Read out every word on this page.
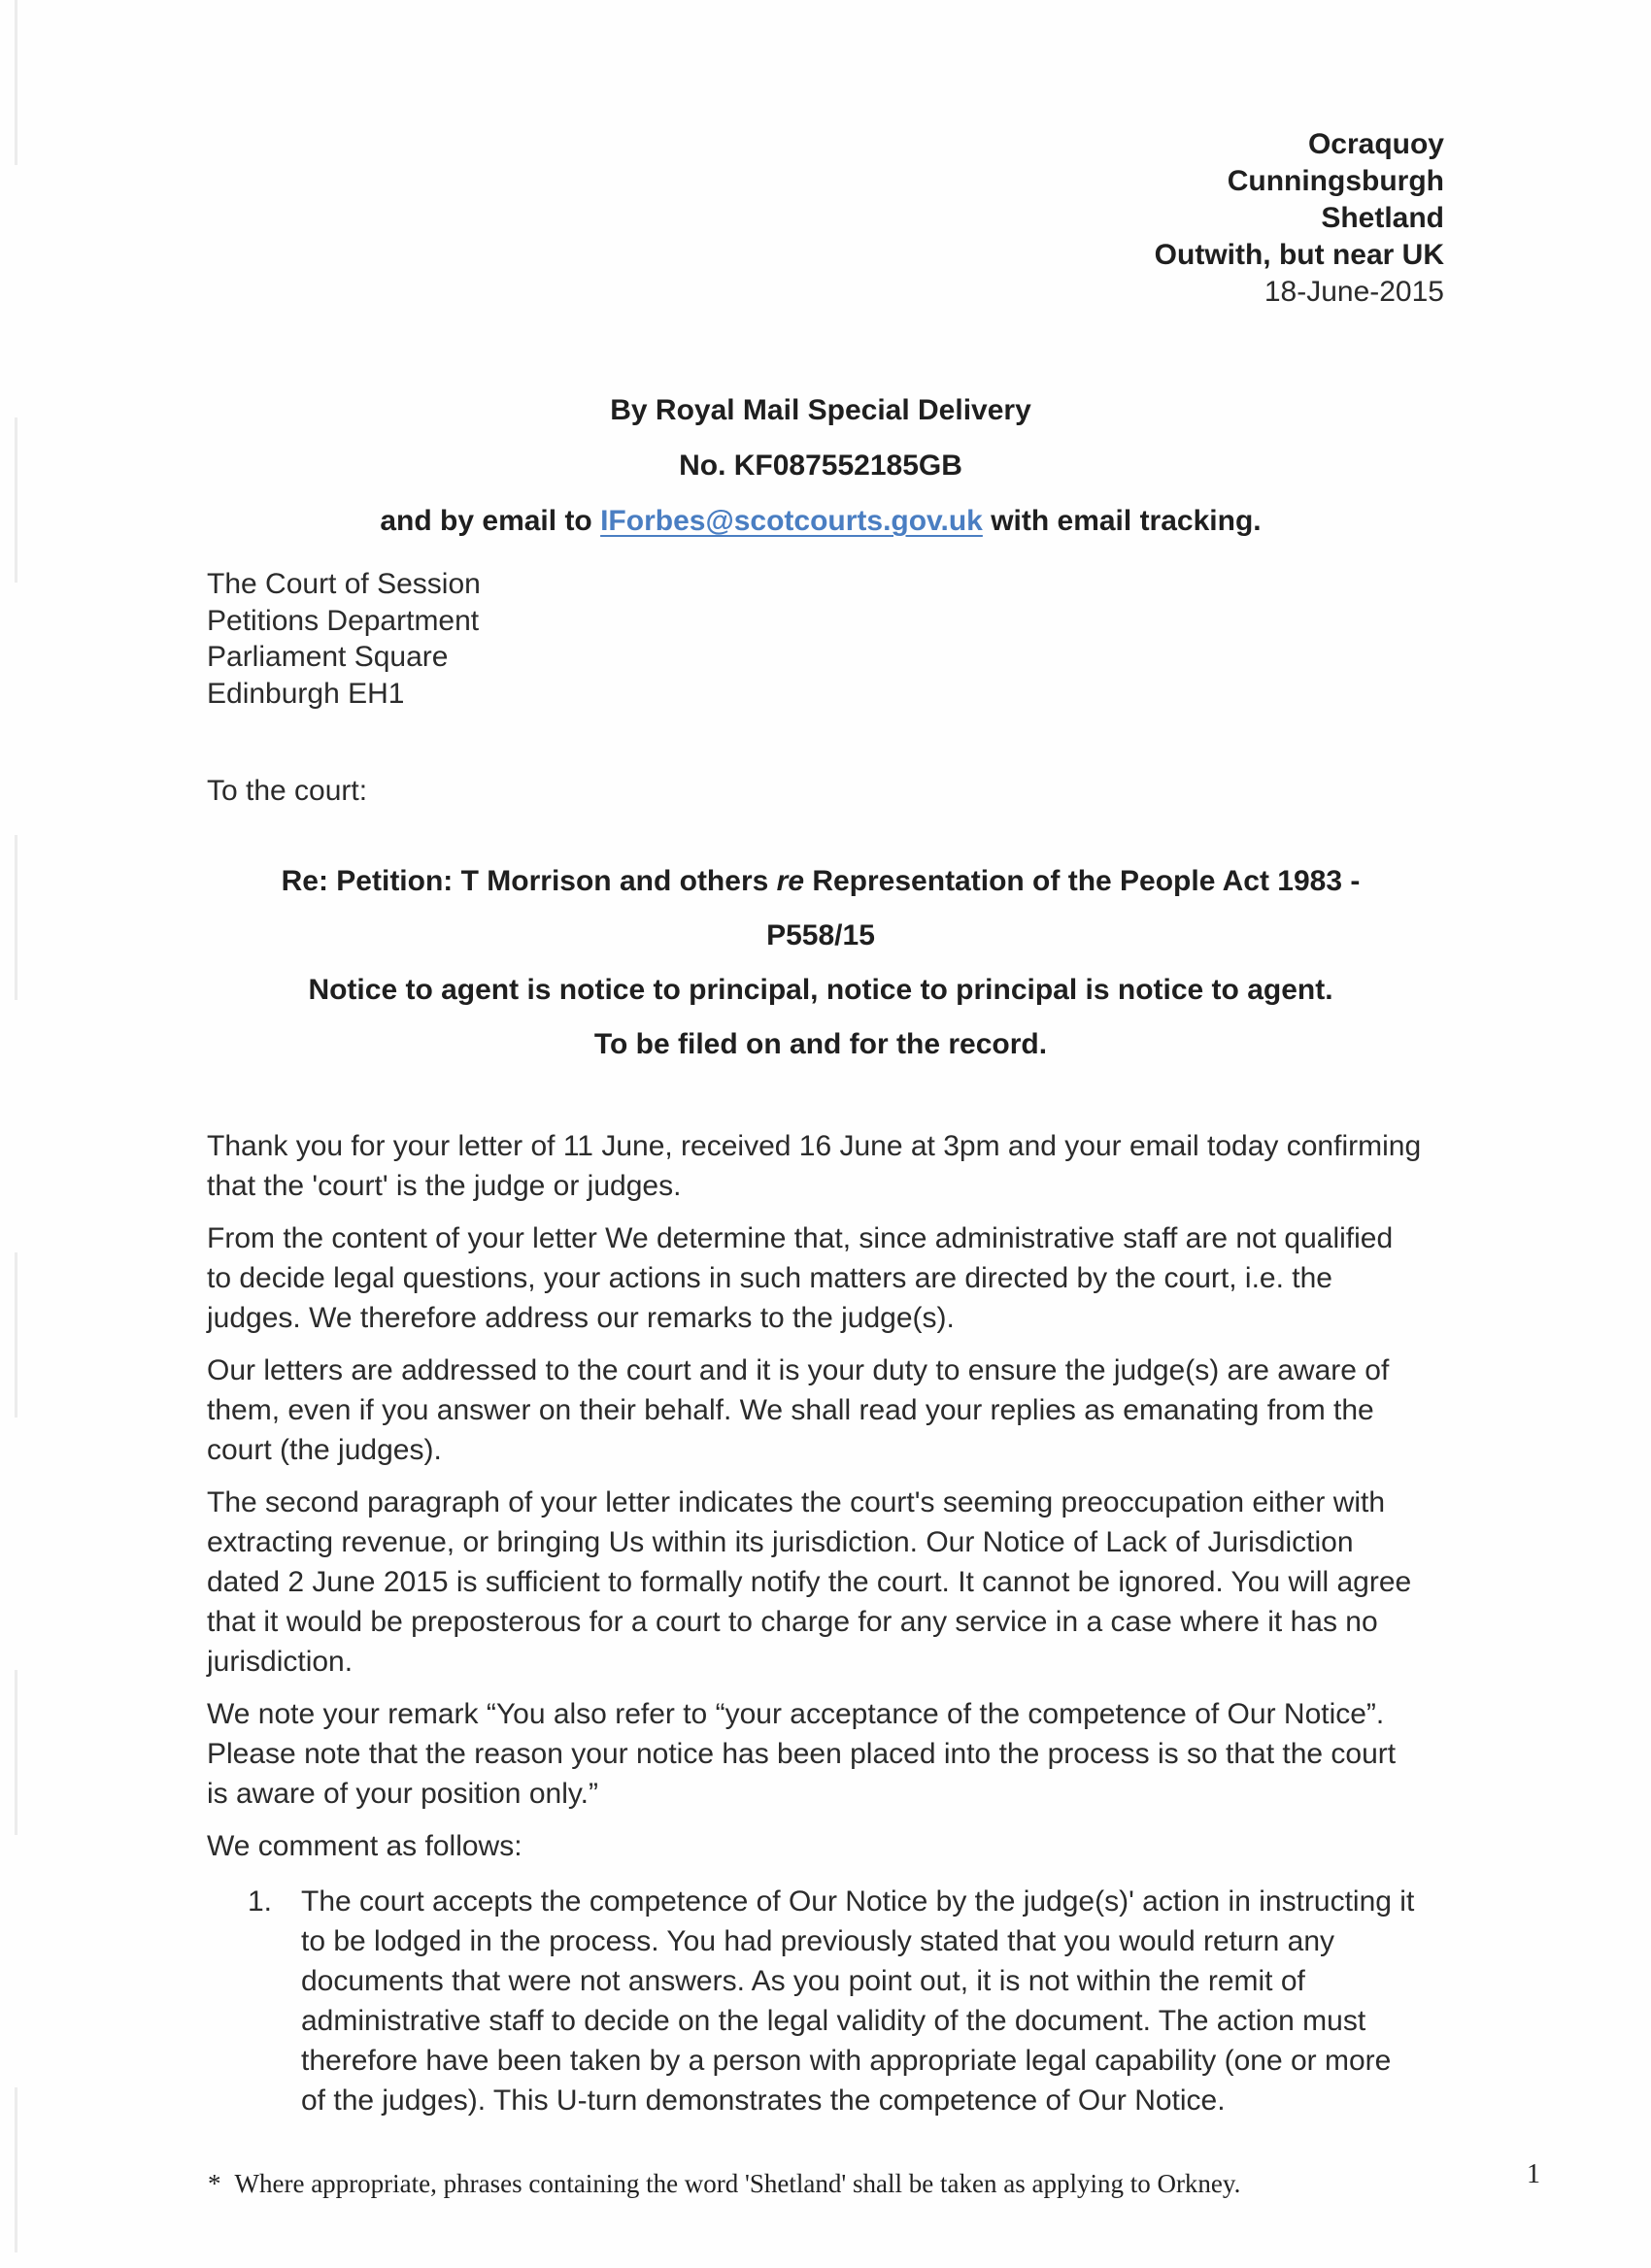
Ocraquoy
Cunningsburgh
Shetland
Outwith, but near UK
18-June-2015
By Royal Mail Special Delivery
No. KF087552185GB
and by email to IForbes@scotcourts.gov.uk with email tracking.
The Court of Session
Petitions Department
Parliament Square
Edinburgh EH1
To the court:
Re: Petition: T Morrison and others re Representation of the People Act 1983 -
P558/15
Notice to agent is notice to principal, notice to principal is notice to agent.
To be filed on and for the record.

Thank you for your letter of 11 June, received 16 June at 3pm and your email today confirming that the 'court' is the judge or judges.

From the content of your letter We determine that, since administrative staff are not qualified to decide legal questions, your actions in such matters are directed by the court, i.e. the judges. We therefore address our remarks to the judge(s).

Our letters are addressed to the court and it is your duty to ensure the judge(s) are aware of them, even if you answer on their behalf. We shall read your replies as emanating from the court (the judges).

The second paragraph of your letter indicates the court's seeming preoccupation either with extracting revenue, or bringing Us within its jurisdiction. Our Notice of Lack of Jurisdiction dated 2 June 2015 is sufficient to formally notify the court. It cannot be ignored. You will agree that it would be preposterous for a court to charge for any service in a case where it has no jurisdiction.

We note your remark “You also refer to “your acceptance of the competence of Our Notice”. Please note that the reason your notice has been placed into the process is so that the court is aware of your position only.”

We comment as follows:

1. The court accepts the competence of Our Notice by the judge(s)' action in instructing it to be lodged in the process. You had previously stated that you would return any documents that were not answers. As you point out, it is not within the remit of administrative staff to decide on the legal validity of the document. The action must therefore have been taken by a person with appropriate legal capability (one or more of the judges). This U-turn demonstrates the competence of Our Notice.
* Where appropriate, phrases containing the word 'Shetland' shall be taken as applying to Orkney.	1
